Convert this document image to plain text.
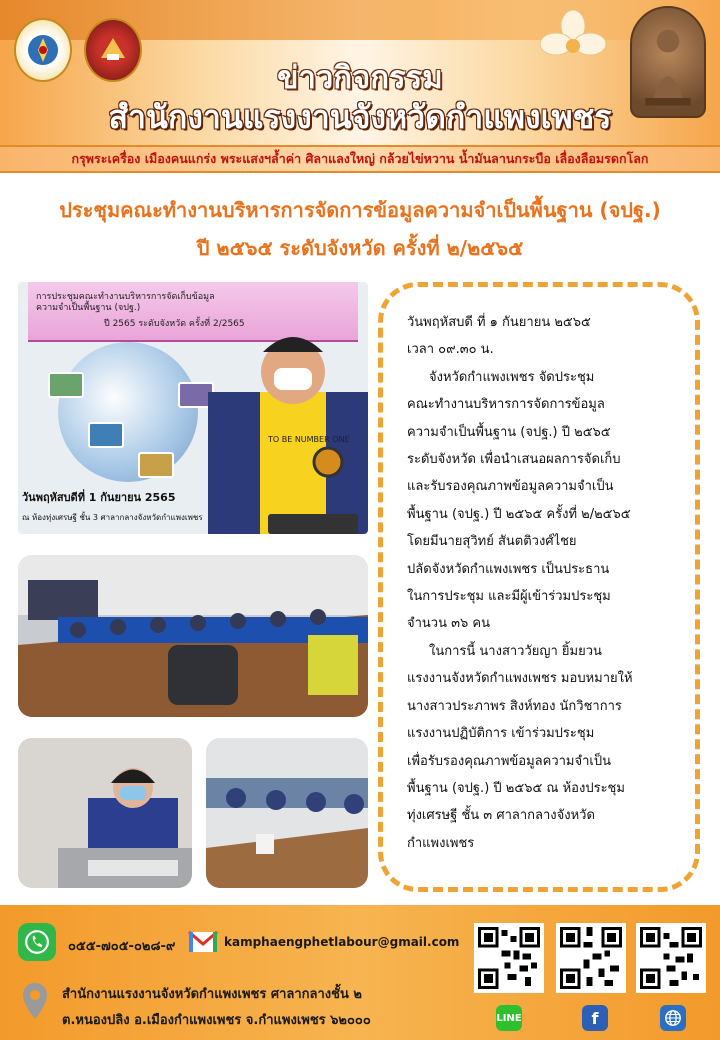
ข่าวกิจกรรม
สำนักงานแรงงานจังหวัดกำแพงเพชร
กรุพระเครื่อง เมืองคนแกร่ง พระแสงฯล้ำค่า ศิลาแลงใหญ่ กล้วยไข่หวาน น้ำมันลานกระบือ เลื่องลือมรดกโลก
ประชุมคณะทำงานบริหารการจัดการข้อมูลความจำเป็นพื้นฐาน (จปฐ.)
ปี ๒๕๖๕ ระดับจังหวัด ครั้งที่ ๒/๒๕๖๕
การประชุมคณะทำงานบริหารการจัดเก็บข้อมูลความจำเป็นพื้นฐาน (จปฐ.)
ปี 2565 ระดับจังหวัด ครั้งที่ 2/2565
TO BE NUMBER ONE
วันพฤหัสบดีที่ 1 กันยายน 2565
ณ ห้องทุ่งเศรษฐี ชั้น 3 ศาลากลางจังหวัดกำแพงเพชร
วันพฤหัสบดี ที่ ๑ กันยายน ๒๕๖๕
เวลา ๐๙.๓๐ น.
จังหวัดกำแพงเพชร จัดประชุม
คณะทำงานบริหารการจัดการข้อมูล
ความจำเป็นพื้นฐาน (จปฐ.) ปี ๒๕๖๕
ระดับจังหวัด เพื่อนำเสนอผลการจัดเก็บ
และรับรองคุณภาพข้อมูลความจำเป็น
พื้นฐาน (จปฐ.) ปี ๒๕๖๕ ครั้งที่ ๒/๒๕๖๕
โดยมีนายสุวิทย์ สันตติวงศ์ไชย
ปลัดจังหวัดกำแพงเพชร เป็นประธาน
ในการประชุม และมีผู้เข้าร่วมประชุม
จำนวน ๓๖ คน
ในการนี้ นางสาววัยญา ยิ้มยวน
แรงงานจังหวัดกำแพงเพชร มอบหมายให้
นางสาวประภาพร สิงห์ทอง นักวิชาการ
แรงงานปฏิบัติการ เข้าร่วมประชุม
เพื่อรับรองคุณภาพข้อมูลความจำเป็น
พื้นฐาน (จปฐ.) ปี ๒๕๖๕ ณ ห้องประชุม
ทุ่งเศรษฐี ชั้น ๓ ศาลากลางจังหวัด
กำแพงเพชร
๐๕๕-๗๐๕-๐๒๘-๙	kamphaengphetlabour@gmail.com
สำนักงานแรงงานจังหวัดกำแพงเพชร ศาลากลางชั้น ๒
ต.หนองปลิง อ.เมืองกำแพงเพชร จ.กำแพงเพชร ๖๒๐๐๐	LINE	f
